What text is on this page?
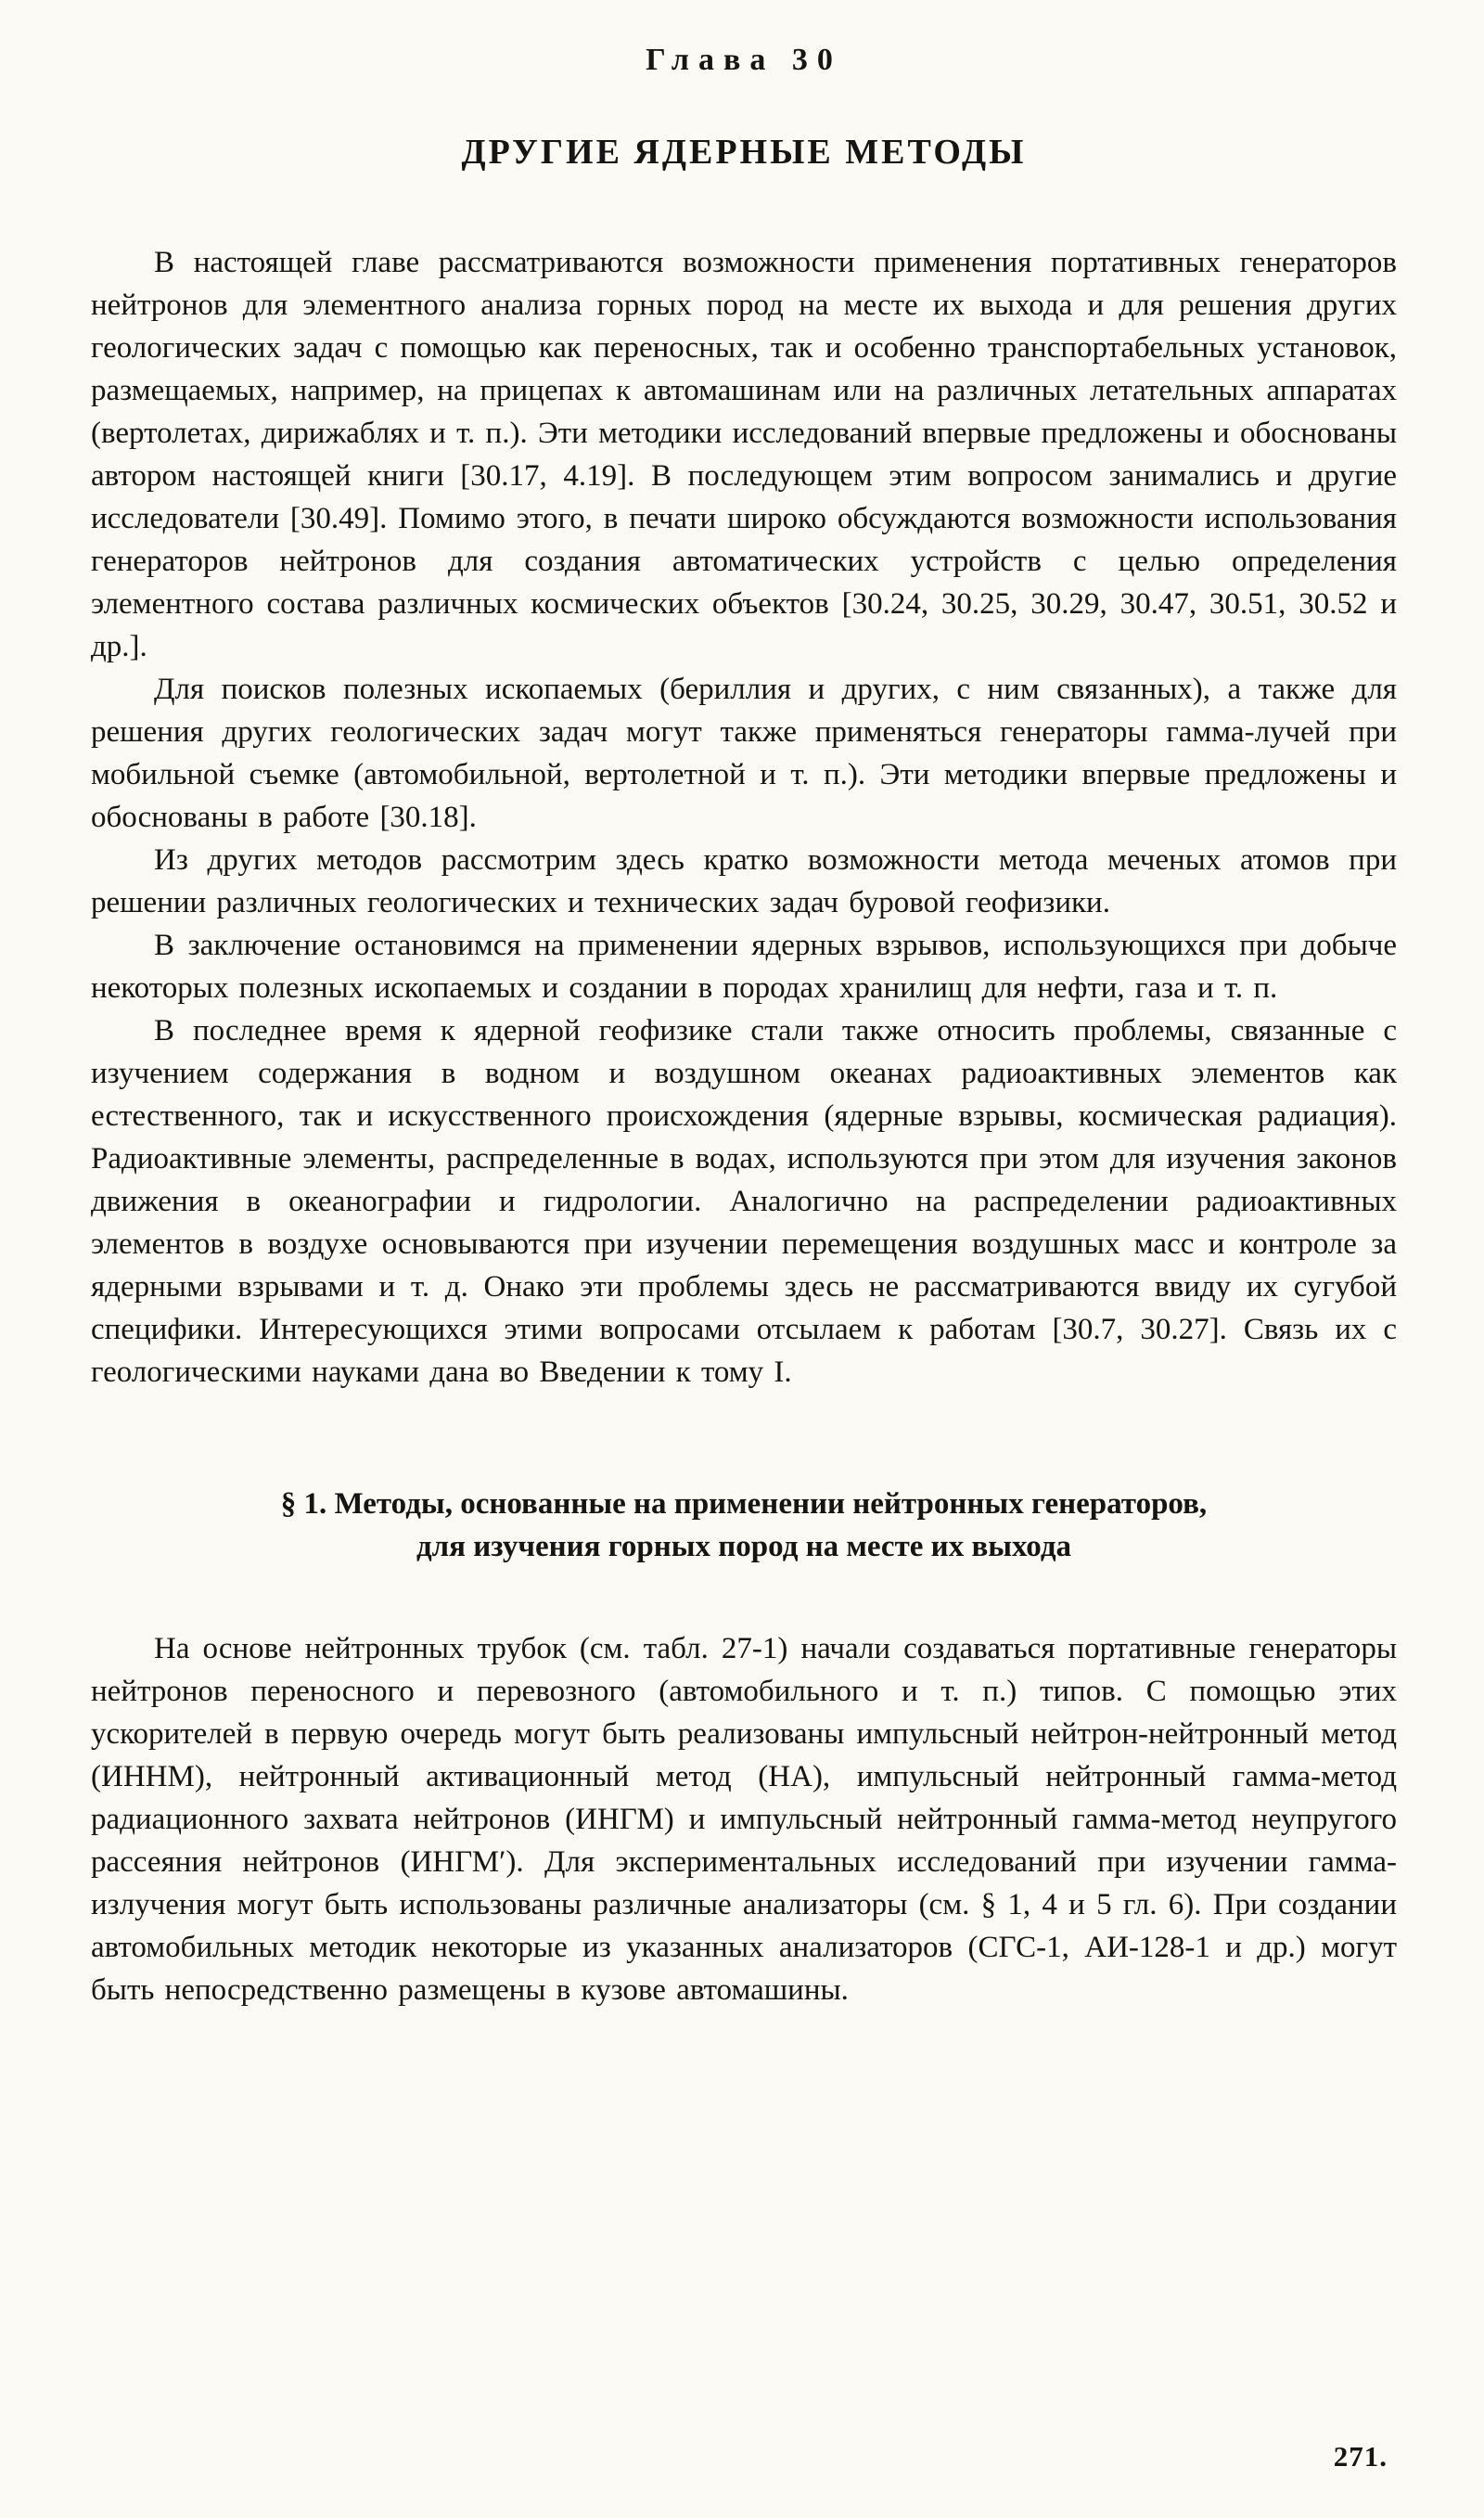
Глава 30
ДРУГИЕ ЯДЕРНЫЕ МЕТОДЫ

В настоящей главе рассматриваются возможности применения портативных генераторов нейтронов для элементного анализа горных пород на месте их выхода и для решения других геологических задач с помощью как переносных, так и особенно транспортабельных установок, размещаемых, например, на прицепах к автомашинам или на различных летательных аппаратах (вертолетах, дирижаблях и т. п.). Эти методики исследований впервые предложены и обоснованы автором настоящей книги [30.17, 4.19]. В последующем этим вопросом занимались и другие исследователи [30.49]. Помимо этого, в печати широко обсуждаются возможности использования генераторов нейтронов для создания автоматических устройств с целью определения элементного состава различных космических объектов [30.24, 30.25, 30.29, 30.47, 30.51, 30.52 и др.].

Для поисков полезных ископаемых (бериллия и других, с ним связанных), а также для решения других геологических задач могут также применяться генераторы гамма-лучей при мобильной съемке (автомобильной, вертолетной и т. п.). Эти методики впервые предложены и обоснованы в работе [30.18].

Из других методов рассмотрим здесь кратко возможности метода меченых атомов при решении различных геологических и технических задач буровой геофизики.

В заключение остановимся на применении ядерных взрывов, использующихся при добыче некоторых полезных ископаемых и создании в породах хранилищ для нефти, газа и т. п.

В последнее время к ядерной геофизике стали также относить проблемы, связанные с изучением содержания в водном и воздушном океанах радиоактивных элементов как естественного, так и искусственного происхождения (ядерные взрывы, космическая радиация). Радиоактивные элементы, распределенные в водах, используются при этом для изучения законов движения в океанографии и гидрологии. Аналогично на распределении радиоактивных элементов в воздухе основываются при изучении перемещения воздушных масс и контроле за ядерными взрывами и т. д. Онако эти проблемы здесь не рассматриваются ввиду их сугубой специфики. Интересующихся этими вопросами отсылаем к работам [30.7, 30.27]. Связь их с геологическими науками дана во Введении к тому I.

§ 1. Методы, основанные на применении нейтронных генераторов,
для изучения горных пород на месте их выхода

На основе нейтронных трубок (см. табл. 27-1) начали создаваться портативные генераторы нейтронов переносного и перевозного (автомобильного и т. п.) типов. С помощью этих ускорителей в первую очередь могут быть реализованы импульсный нейтрон-нейтронный метод (ИННМ), нейтронный активационный метод (НА), импульсный нейтронный гамма-метод радиационного захвата нейтронов (ИНГМ) и импульсный нейтронный гамма-метод неупругого рассеяния нейтронов (ИНГМ′). Для экспериментальных исследований при изучении гамма-излучения могут быть использованы различные анализаторы (см. § 1, 4 и 5 гл. 6). При создании автомобильных методик некоторые из указанных анализаторов (СГС-1, АИ-128-1 и др.) могут быть непосредственно размещены в кузове автомашины.

271.
